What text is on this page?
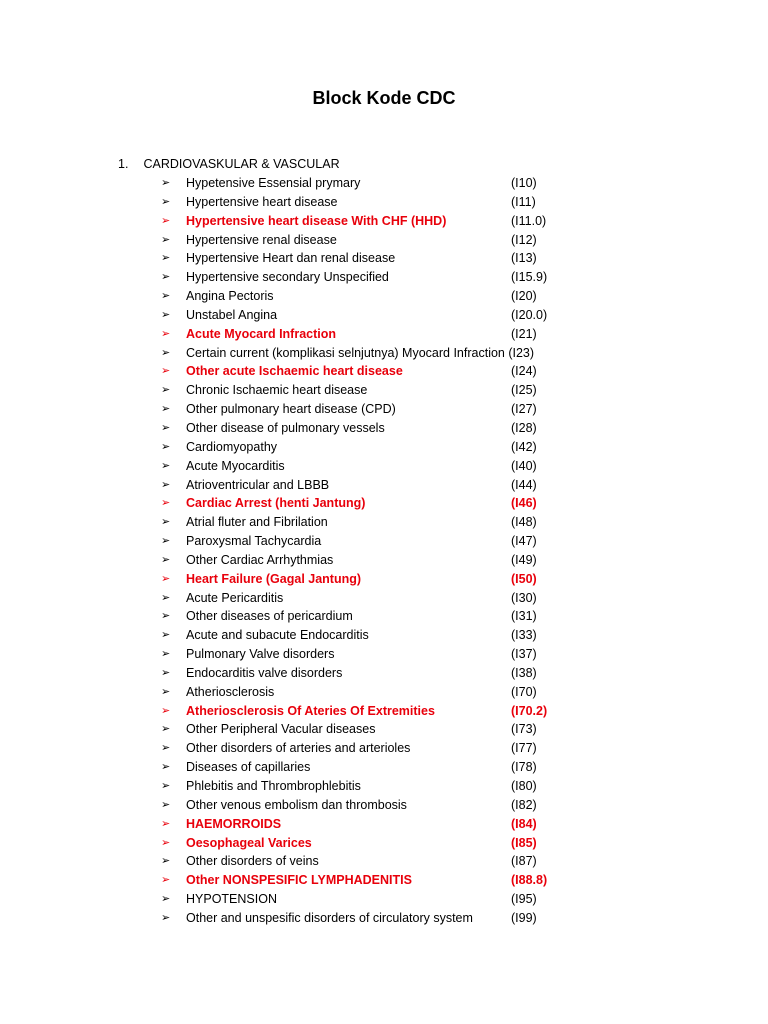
Block Kode CDC
1. CARDIOVASKULAR & VASCULAR
➢ Hypetensive Essensial prymary	(I10)
➢ Hypertensive heart disease	(I11)
➢ Hypertensive heart disease With CHF (HHD)	(I11.0)
➢ Hypertensive renal disease	(I12)
➢ Hypertensive Heart dan renal disease	(I13)
➢ Hypertensive secondary Unspecified	(I15.9)
➢ Angina Pectoris	(I20)
➢ Unstabel Angina	(I20.0)
➢ Acute Myocard Infraction	(I21)
➢ Certain current (komplikasi selnjutnya) Myocard Infraction (I23)
➢ Other acute Ischaemic heart disease	(I24)
➢ Chronic Ischaemic heart disease	(I25)
➢ Other pulmonary heart disease (CPD)	(I27)
➢ Other disease of pulmonary vessels	(I28)
➢ Cardiomyopathy	(I42)
➢ Acute Myocarditis	(I40)
➢ Atrioventricular and LBBB	(I44)
➢ Cardiac Arrest (henti Jantung)	(I46)
➢ Atrial fluter and Fibrilation	(I48)
➢ Paroxysmal Tachycardia	(I47)
➢ Other Cardiac Arrhythmias	(I49)
➢ Heart Failure (Gagal Jantung)	(I50)
➢ Acute Pericarditis	(I30)
➢ Other diseases of pericardium	(I31)
➢ Acute and subacute Endocarditis	(I33)
➢ Pulmonary Valve disorders	(I37)
➢ Endocarditis valve disorders	(I38)
➢ Atheriosclerosis	(I70)
➢ Atheriosclerosis Of Ateries Of Extremities	(I70.2)
➢ Other Peripheral Vacular diseases	(I73)
➢ Other disorders of arteries and arterioles	(I77)
➢ Diseases of capillaries	(I78)
➢ Phlebitis and Thrombrophlebitis	(I80)
➢ Other venous embolism dan thrombosis	(I82)
➢ HAEMORROIDS	(I84)
➢ Oesophageal Varices	(I85)
➢ Other disorders of veins	(I87)
➢ Other NONSPESIFIC LYMPHADENITIS	(I88.8)
➢ HYPOTENSION	(I95)
➢ Other and unspesific disorders of circulatory system	(I99)
